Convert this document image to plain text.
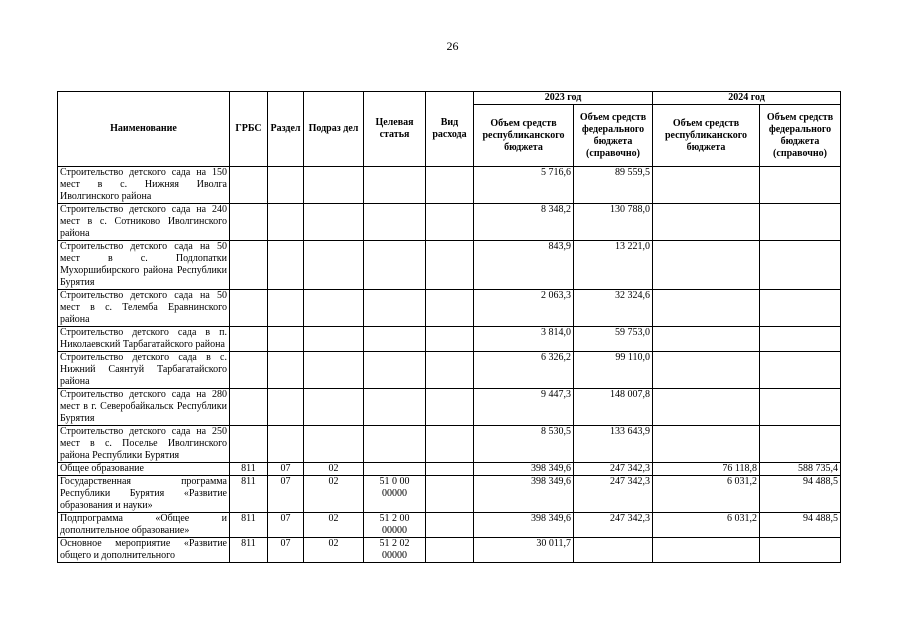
26
Наименование	ГРБС	Раздел	Подраз дел	Целевая статья	Вид расхода	2023 год		2024 год	
						Объем средств республиканского бюджета	Объем средств федерального бюджета (справочно)	Объем средств республиканского бюджета	Объем средств федерального бюджета (справочно)
Строительство детского сада на 150 мест в с. Нижняя Иволга Иволгинского района						5 716,6	89 559,5		
Строительство детского сада на 240 мест в с. Сотниково Иволгинского района						8 348,2	130 788,0		
Строительство детского сада на 50 мест в с. Подлопатки Мухоршибирского района Республики Бурятия						843,9	13 221,0		
Строительство детского сада на 50 мест в с. Телемба Еравнинского района						2 063,3	32 324,6		
Строительство детского сада в п. Николаевский Тарбагатайского района						3 814,0	59 753,0		
Строительство детского сада в с. Нижний Саянтуй Тарбагатайского района						6 326,2	99 110,0		
Строительство детского сада на 280 мест в г. Северобайкальск Республики Бурятия						9 447,3	148 007,8		
Строительство детского сада на 250 мест в с. Поселье Иволгинского района Республики Бурятия						8 530,5	133 643,9		
Общее образование	811	07	02			398 349,6	247 342,3	76 118,8	588 735,4
Государственная программа Республики Бурятия «Развитие образования и науки»	811	07	02	51 0 00 00000		398 349,6	247 342,3	6 031,2	94 488,5
Подпрограмма «Общее и дополнительное образование»	811	07	02	51 2 00 00000		398 349,6	247 342,3	6 031,2	94 488,5
Основное мероприятие «Развитие общего и дополнительного	811	07	02	51 2 02 00000		30 011,7			
